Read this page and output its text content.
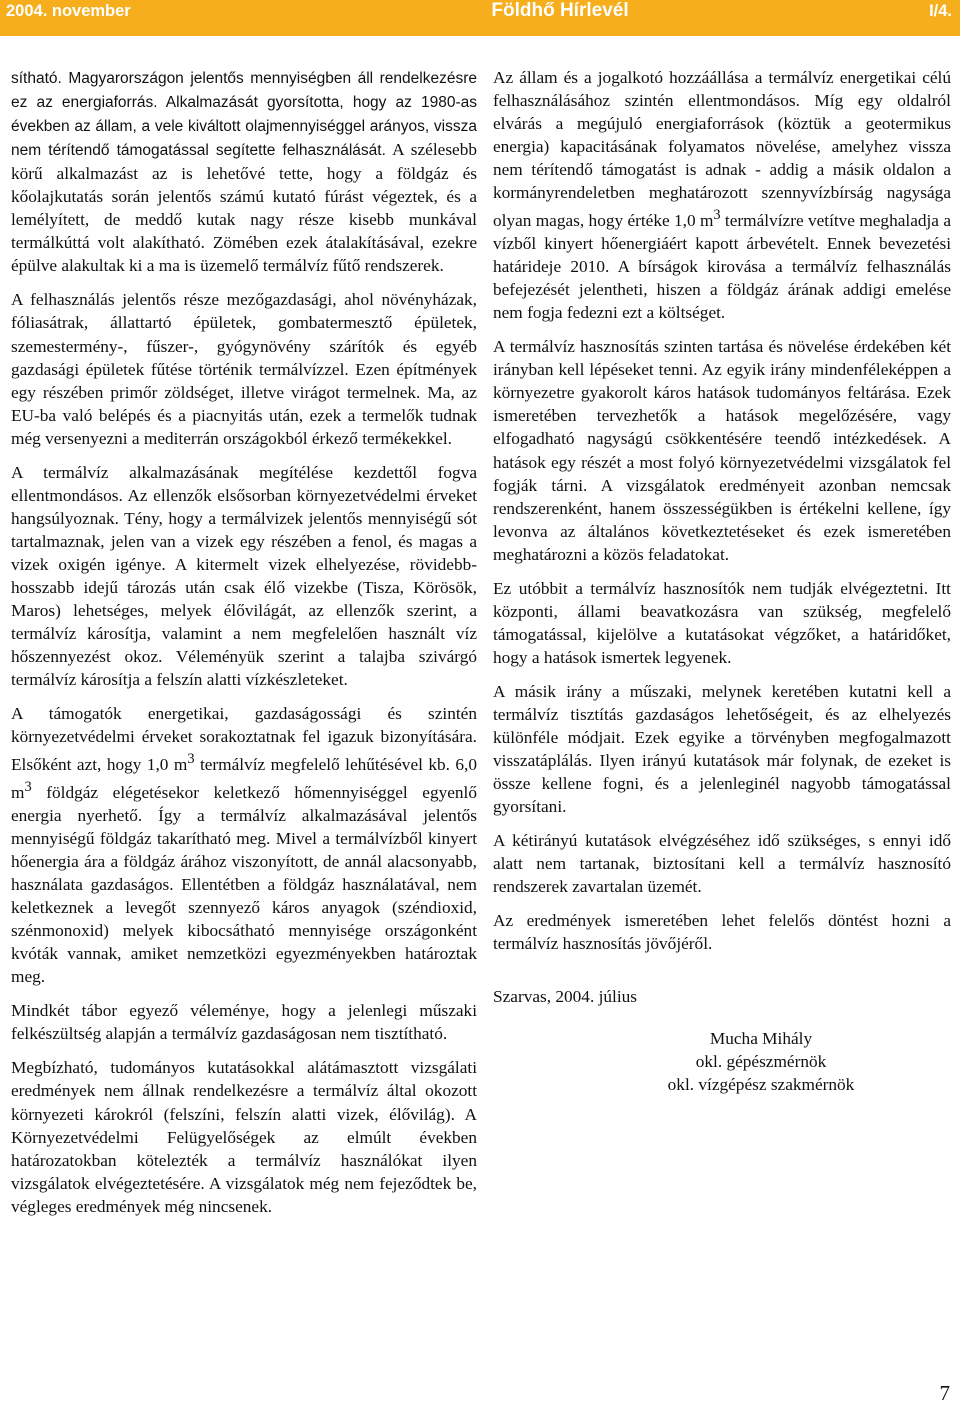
2004. november	Földhő Hírlevél	I/4.

sítható. Magyarországon jelentős mennyiségben áll rendelkezésre ez az energiaforrás. Alkalmazását gyorsította, hogy az 1980-as években az állam, a vele kiváltott olajmennyiséggel arányos, vissza nem térítendő támogatással segítette felhasználását. A szélesebb körű alkalmazást az is lehetővé tette, hogy a földgáz és kőolajkutatás során jelentős számú kutató fúrást végeztek, és a lemélyített, de meddő kutak nagy része kisebb munkával termálkúttá volt alakítható. Zömében ezek átalakításával, ezekre épülve alakultak ki a ma is üzemelő termálvíz fűtő rendszerek.

A felhasználás jelentős része mezőgazdasági, ahol növényházak, fóliasátrak, állattartó épületek, gombatermesztő épületek, szemestermény-, fűszer-, gyógynövény szárítók és egyéb gazdasági épületek fűtése történik termálvízzel. Ezen építmények egy részében primőr zöldséget, illetve virágot termelnek. Ma, az EU-ba való belépés és a piacnyitás után, ezek a termelők tudnak még versenyezni a mediterrán országokból érkező termékekkel.

A termálvíz alkalmazásának megítélése kezdettől fogva ellentmondásos. Az ellenzők elsősorban környezetvédelmi érveket hangsúlyoznak. Tény, hogy a termálvizek jelentős mennyiségű sót tartalmaznak, jelen van a vizek egy részében a fenol, és magas a vizek oxigén igénye. A kitermelt vizek elhelyezése, rövidebb-hosszabb idejű tározás után csak élő vizekbe (Tisza, Körösök, Maros) lehetséges, melyek élővilágát, az ellenzők szerint, a termálvíz károsítja, valamint a nem megfelelően használt víz hőszennyezést okoz. Véleményük szerint a talajba szivárgó termálvíz károsítja a felszín alatti vízkészleteket.

A támogatók energetikai, gazdaságossági és szintén környezetvédelmi érveket sorakoztatnak fel igazuk bizonyítására. Elsőként azt, hogy 1,0 $m^3$ termálvíz megfelelő lehűtésével kb. 6,0 $m^3$ földgáz elégetésekor keletkező hőmennyiséggel egyenlő energia nyerhető. Így a termálvíz alkalmazásával jelentős mennyiségű földgáz takarítható meg. Mivel a termálvízből kinyert hőenergia ára a földgáz árához viszonyított, de annál alacsonyabb, használata gazdaságos. Ellentétben a földgáz használatával, nem keletkeznek a levegőt szennyező káros anyagok (széndioxid, szénmonoxid) melyek kibocsátható mennyisége országonként kvóták vannak, amiket nemzetközi egyezményekben határoztak meg.

Mindkét tábor egyező véleménye, hogy a jelenlegi műszaki felkészültség alapján a termálvíz gazdaságosan nem tisztítható.

Megbízható, tudományos kutatásokkal alátámasztott vizsgálati eredmények nem állnak rendelkezésre a termálvíz által okozott környezeti károkról (felszíni, felszín alatti vizek, élővilág). A Környezetvédelmi Felügyelőségek az elmúlt években határozatokban kötelezték a termálvíz használókat ilyen vizsgálatok elvégeztetésére. A vizsgálatok még nem fejeződtek be, végleges eredmények még nincsenek.

Az állam és a jogalkotó hozzáállása a termálvíz energetikai célú felhasználásához szintén ellentmondásos. Míg egy oldalról elvárás a megújuló energiaforrások (köztük a geotermikus energia) kapacitásának folyamatos növelése, amelyhez vissza nem térítendő támogatást is adnak - addig a másik oldalon a kormányrendeletben meghatározott szennyvízbírság nagysága olyan magas, hogy értéke 1,0 $m^3$ termálvízre vetítve meghaladja a vízből kinyert hőenergiáért kapott árbevételt. Ennek bevezetési határideje 2010. A bírságok kirovása a termálvíz felhasználás befejezését jelentheti, hiszen a földgáz árának addigi emelése nem fogja fedezni ezt a költséget.

A termálvíz hasznosítás szinten tartása és növelése érdekében két irányban kell lépéseket tenni. Az egyik irány mindenféleképpen a környezetre gyakorolt káros hatások tudományos feltárása. Ezek ismeretében tervezhetők a hatások megelőzésére, vagy elfogadható nagyságú csökkentésére teendő intézkedések. A hatások egy részét a most folyó környezetvédelmi vizsgálatok fel fogják tárni. A vizsgálatok eredményeit azonban nemcsak rendszerenként, hanem összességükben is értékelni kellene, így levonva az általános következtetéseket és ezek ismeretében meghatározni a közös feladatokat.

Ez utóbbit a termálvíz hasznosítók nem tudják elvégeztetni. Itt központi, állami beavatkozásra van szükség, megfelelő támogatással, kijelölve a kutatásokat végzőket, a határidőket, hogy a hatások ismertek legyenek.

A másik irány a műszaki, melynek keretében kutatni kell a termálvíz tisztítás gazdaságos lehetőségeit, és az elhelyezés különféle módjait. Ezek egyike a törvényben megfogalmazott visszatáplálás. Ilyen irányú kutatások már folynak, de ezeket is össze kellene fogni, és a jelenleginél nagyobb támogatással gyorsítani.

A kétirányú kutatások elvégzéséhez idő szükséges, s ennyi idő alatt nem tartanak, biztosítani kell a termálvíz hasznosító rendszerek zavartalan üzemét.

Az eredmények ismeretében lehet felelős döntést hozni a termálvíz hasznosítás jövőjéről.

Szarvas, 2004. július

Mucha Mihály
okl. gépészmérnök
okl. vízgépész szakmérnök
7
